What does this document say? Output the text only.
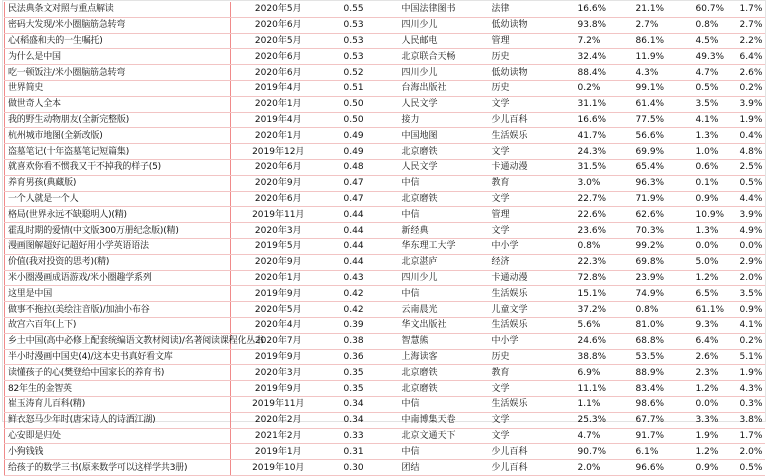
民法典条文对照与重点解读	2020年5月	0.55	中国法律图书	法律	16.6%	21.1%	60.7%	1.7%
密码大发现/米小圈脑筋急转弯	2020年6月	0.53	四川少儿	低幼读物	93.8%	2.7%	0.8%	2.7%
心(稻盛和夫的一生嘱托)	2020年5月	0.53	人民邮电	管理	7.2%	86.1%	4.5%	2.2%
为什么是中国	2020年6月	0.53	北京联合天畅	历史	32.4%	11.9%	49.3%	6.4%
吃一顿饭注/米小圈脑筋急转弯	2020年6月	0.52	四川少儿	低幼读物	88.4%	4.3%	4.7%	2.6%
世界简史	2019年4月	0.51	台海出版社	历史	0.2%	99.1%	0.5%	0.2%
做世奇人全本	2020年1月	0.50	人民文学	文学	31.1%	61.4%	3.5%	3.9%
我的野生动物朋友(全新完整版)	2019年4月	0.50	接力	少儿百科	16.6%	77.5%	4.1%	1.9%
杭州城市地图(全新改版)	2020年1月	0.49	中国地图	生活娱乐	41.7%	56.6%	1.3%	0.4%
盗墓笔记(十年盗墓笔记短篇集)	2019年12月	0.49	北京磨铁	文学	24.3%	69.9%	1.0%	4.8%
就喜欢你看不惯我又干不掉我的样子(5)	2020年6月	0.48	人民文学	卡通动漫	31.5%	65.4%	0.6%	2.5%
养育男孩(典藏版)	2020年9月	0.47	中信	教育	3.0%	96.3%	0.1%	0.5%
一个人就是一个人	2020年6月	0.47	北京磨铁	文学	22.7%	71.9%	0.9%	4.4%
格局(世界永远不缺聪明人)(精)	2019年11月	0.44	中信	管理	22.6%	62.6%	10.9%	3.9%
霍乱时期的爱情(中文版300万册纪念版)(精)	2020年3月	0.44	新经典	文学	23.6%	70.3%	1.3%	4.9%
漫画图解超好记超好用小学英语语法	2019年5月	0.44	华东理工大学	中小学	0.8%	99.2%	0.0%	0.0%
价值(我对投资的思考)(精)	2020年9月	0.44	北京湛庐	经济	22.3%	69.8%	5.0%	2.9%
米小圈漫画成语游戏/米小圈趣学系列	2020年1月	0.43	四川少儿	卡通动漫	72.8%	23.9%	1.2%	2.0%
这里是中国	2019年9月	0.42	中信	生活娱乐	15.1%	74.9%	6.5%	3.5%
做事不拖拉(美绘注音版)/加油小布谷	2020年5月	0.42	云南晨光	儿童文学	37.2%	0.8%	61.1%	0.9%
故宫六百年(上下)	2020年4月	0.39	华文出版社	生活娱乐	5.6%	81.0%	9.3%	4.1%
乡土中国(高中必修上配套统编语文教材阅读)/名著阅读课程化丛书	2020年7月	0.38	智慧熊	中小学	24.6%	68.8%	6.4%	0.2%
半小时漫画中国史(4)/这本史书真好看文库	2019年9月	0.36	上海读客	历史	38.8%	53.5%	2.6%	5.1%
读懂孩子的心(樊登给中国家长的养育书)	2020年3月	0.35	北京磨铁	教育	6.9%	88.9%	2.3%	1.9%
82年生的金智英	2019年9月	0.35	北京磨铁	文学	11.1%	83.4%	1.2%	4.3%
崔玉涛育儿百科(精)	2019年11月	0.34	中信	生活娱乐	1.1%	98.6%	0.0%	0.3%
鲜衣怒马少年时(唐宋诗人的诗酒江湖)	2020年2月	0.34	中南博集天卷	文学	25.3%	67.7%	3.3%	3.8%
心安即是归处	2021年2月	0.33	北京文通天下	文学	4.7%	91.7%	1.9%	1.7%
小狗钱钱	2019年1月	0.31	中信	少儿百科	90.7%	6.1%	1.2%	2.0%
给孩子的数学三书(原来数学可以这样学共3册)	2019年10月	0.30	团结	少儿百科	2.0%	96.6%	0.9%	0.5%
